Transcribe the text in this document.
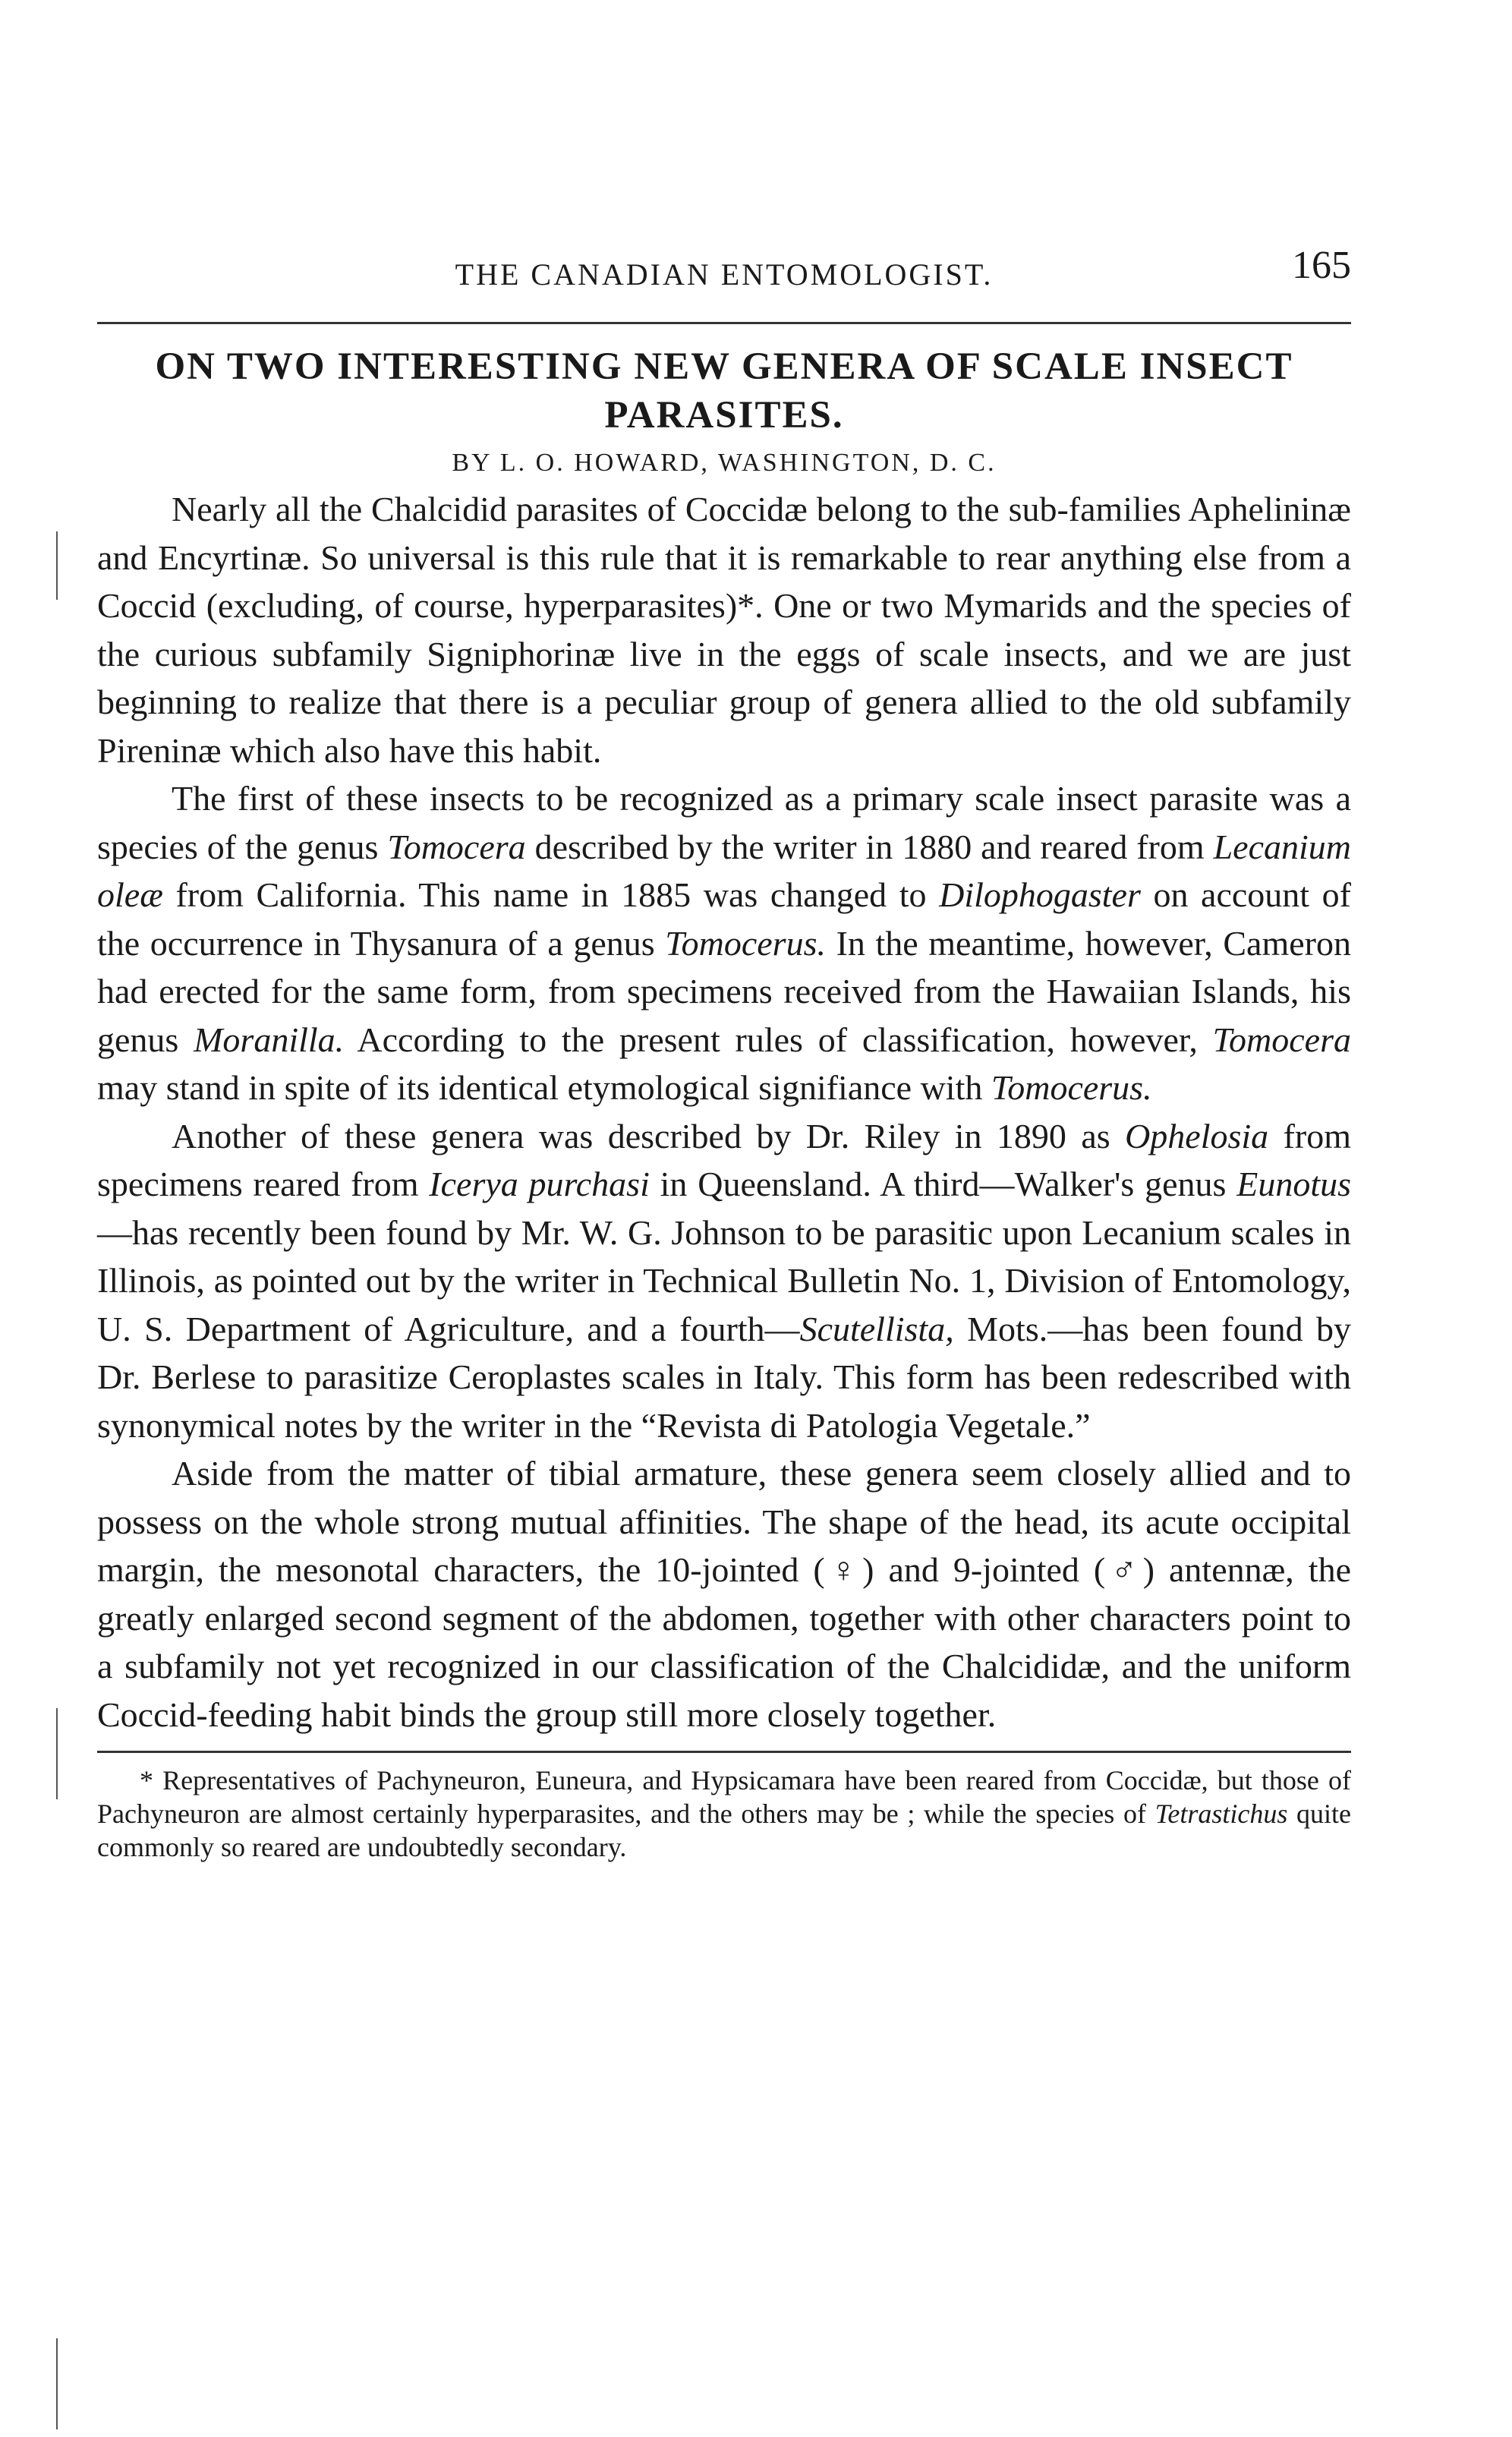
THE CANADIAN ENTOMOLOGIST.	165
ON TWO INTERESTING NEW GENERA OF SCALE INSECT PARASITES.
BY L. O. HOWARD, WASHINGTON, D. C.

Nearly all the Chalcidid parasites of Coccidæ belong to the sub-families Aphelininæ and Encyrtinæ. So universal is this rule that it is remarkable to rear anything else from a Coccid (excluding, of course, hyperparasites)*. One or two Mymarids and the species of the curious subfamily Signiphorinæ live in the eggs of scale insects, and we are just beginning to realize that there is a peculiar group of genera allied to the old subfamily Pireninæ which also have this habit.

The first of these insects to be recognized as a primary scale insect parasite was a species of the genus Tomocera described by the writer in 1880 and reared from Lecanium oleæ from California. This name in 1885 was changed to Dilophogaster on account of the occurrence in Thysanura of a genus Tomocerus. In the meantime, however, Cameron had erected for the same form, from specimens received from the Hawaiian Islands, his genus Moranilla. According to the present rules of classification, however, Tomocera may stand in spite of its identical etymological signifiance with Tomocerus.

Another of these genera was described by Dr. Riley in 1890 as Ophelosia from specimens reared from Icerya purchasi in Queensland. A third—Walker's genus Eunotus—has recently been found by Mr. W. G. Johnson to be parasitic upon Lecanium scales in Illinois, as pointed out by the writer in Technical Bulletin No. 1, Division of Entomology, U. S. Department of Agriculture, and a fourth—Scutellista, Mots.—has been found by Dr. Berlese to parasitize Ceroplastes scales in Italy. This form has been redescribed with synonymical notes by the writer in the “Revista di Patologia Vegetale.”

Aside from the matter of tibial armature, these genera seem closely allied and to possess on the whole strong mutual affinities. The shape of the head, its acute occipital margin, the mesonotal characters, the 10-jointed (♀) and 9-jointed (♂) antennæ, the greatly enlarged second segment of the abdomen, together with other characters point to a subfamily not yet recognized in our classification of the Chalcididæ, and the uniform Coccid-feeding habit binds the group still more closely together.

* Representatives of Pachyneuron, Euneura, and Hypsicamara have been reared from Coccidæ, but those of Pachyneuron are almost certainly hyperparasites, and the others may be ; while the species of Tetrastichus quite commonly so reared are undoubtedly secondary.
